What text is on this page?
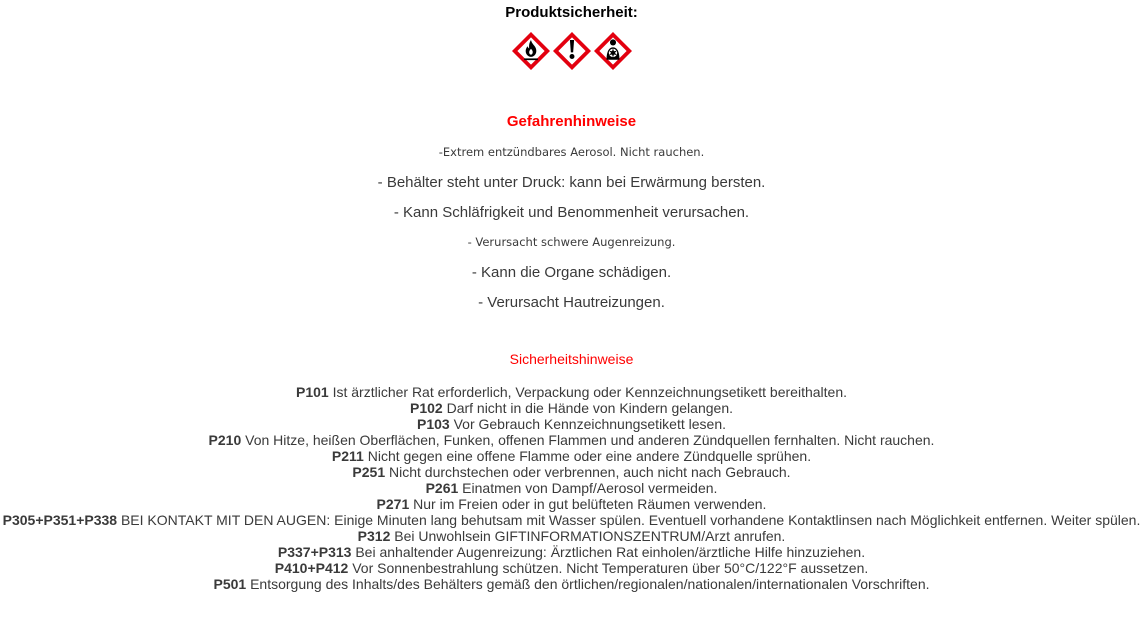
Produktsicherheit:
Gefahrenhinweise
-Extrem entzündbares Aerosol. Nicht rauchen.
- Behälter steht unter Druck: kann bei Erwärmung bersten.
- Kann Schläfrigkeit und Benommenheit verursachen.
- Verursacht schwere Augenreizung.
- Kann die Organe schädigen.
- Verursacht Hautreizungen.
Sicherheitshinweise
P101 Ist ärztlicher Rat erforderlich, Verpackung oder Kennzeichnungsetikett bereithalten.
P102 Darf nicht in die Hände von Kindern gelangen.
P103 Vor Gebrauch Kennzeichnungsetikett lesen.
P210 Von Hitze, heißen Oberflächen, Funken, offenen Flammen und anderen Zündquellen fernhalten. Nicht rauchen.
P211 Nicht gegen eine offene Flamme oder eine andere Zündquelle sprühen.
P251 Nicht durchstechen oder verbrennen, auch nicht nach Gebrauch.
P261 Einatmen von Dampf/Aerosol vermeiden.
P271 Nur im Freien oder in gut belüfteten Räumen verwenden.
P305+P351+P338 BEI KONTAKT MIT DEN AUGEN: Einige Minuten lang behutsam mit Wasser spülen. Eventuell vorhandene Kontaktlinsen nach Möglichkeit entfernen. Weiter spülen.
P312 Bei Unwohlsein GIFTINFORMATIONSZENTRUM/Arzt anrufen.
P337+P313 Bei anhaltender Augenreizung: Ärztlichen Rat einholen/ärztliche Hilfe hinzuziehen.
P410+P412 Vor Sonnenbestrahlung schützen. Nicht Temperaturen über 50°C/122°F aussetzen.
P501 Entsorgung des Inhalts/des Behälters gemäß den örtlichen/regionalen/nationalen/internationalen Vorschriften.
